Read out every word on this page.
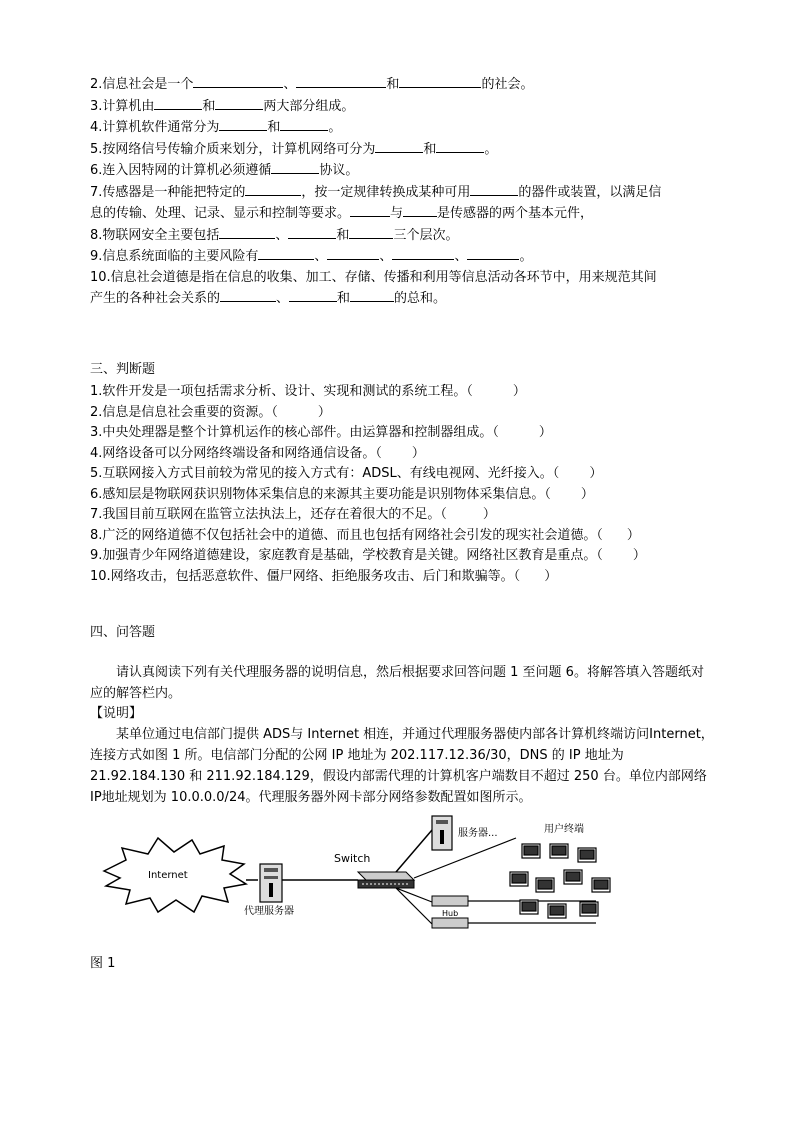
2.信息社会是一个	、	和	的社会。
3.计算机由	和	两大部分组成。
4.计算机软件通常分为	和	。
5.按网络信号传输介质来划分，计算机网络可分为	和	。
6.连入因特网的计算机必须遵循	协议。
7.传感器是一种能把特定的	，按一定规律转换成某种可用	的器件或装置，以满足信
息的传输、处理、记录、显示和控制等要求。	与	是传感器的两个基本元件，
8.物联网安全主要包括	、	和	三个层次。
9.信息系统面临的主要风险有	、	、	、	。
10.信息社会道德是指在信息的收集、加工、存储、传播和利用等信息活动各环节中，用来规范其间
产生的各种社会关系的	、	和	的总和。
三、判断题
1.软件开发是一项包括需求分析、设计、实现和测试的系统工程。（	）
2.信息是信息社会重要的资源。（	）
3.中央处理器是整个计算机运作的核心部件。由运算器和控制器组成。（	）
4.网络设备可以分网络终端设备和网络通信设备。（ ）
5.互联网接入方式目前较为常见的接入方式有：ADSL、有线电视网、光纤接入。（ ）
6.感知层是物联网获识别物体采集信息的来源其主要功能是识别物体采集信息。（ ）
7.我国目前互联网在监管立法执法上，还存在着很大的不足。（	）
8.广泛的网络道德不仅包括社会中的道德、而且也包括有网络社会引发的现实社会道德。（ ）
9.加强青少年网络道德建设，家庭教育是基础，学校教育是关键。网络社区教育是重点。（ ）
10.网络攻击，包括恶意软件、僵尸网络、拒绝服务攻击、后门和欺骗等。（ ）
四、问答题
请认真阅读下列有关代理服务器的说明信息，然后根据要求回答问题 1 至问题 6。将解答填入答题纸对应的解答栏内。
【说明】
某单位通过电信部门提供 ADS与 Internet 相连，并通过代理服务器使内部各计算机终端访问Internet，连接方式如图 1 所。电信部门分配的公网 IP 地址为 202.117.12.36/30，DNS 的 IP 地址为21.92.184.130 和 211.92.184.129，假设内部需代理的计算机客户端数目不超过 250 台。单位内部网络 IP地址规划为 10.0.0.0/24。代理服务器外网卡部分网络参数配置如图所示。
Internet
代理服务器
Switch
服务器...
Hub
用户终端
图 1
